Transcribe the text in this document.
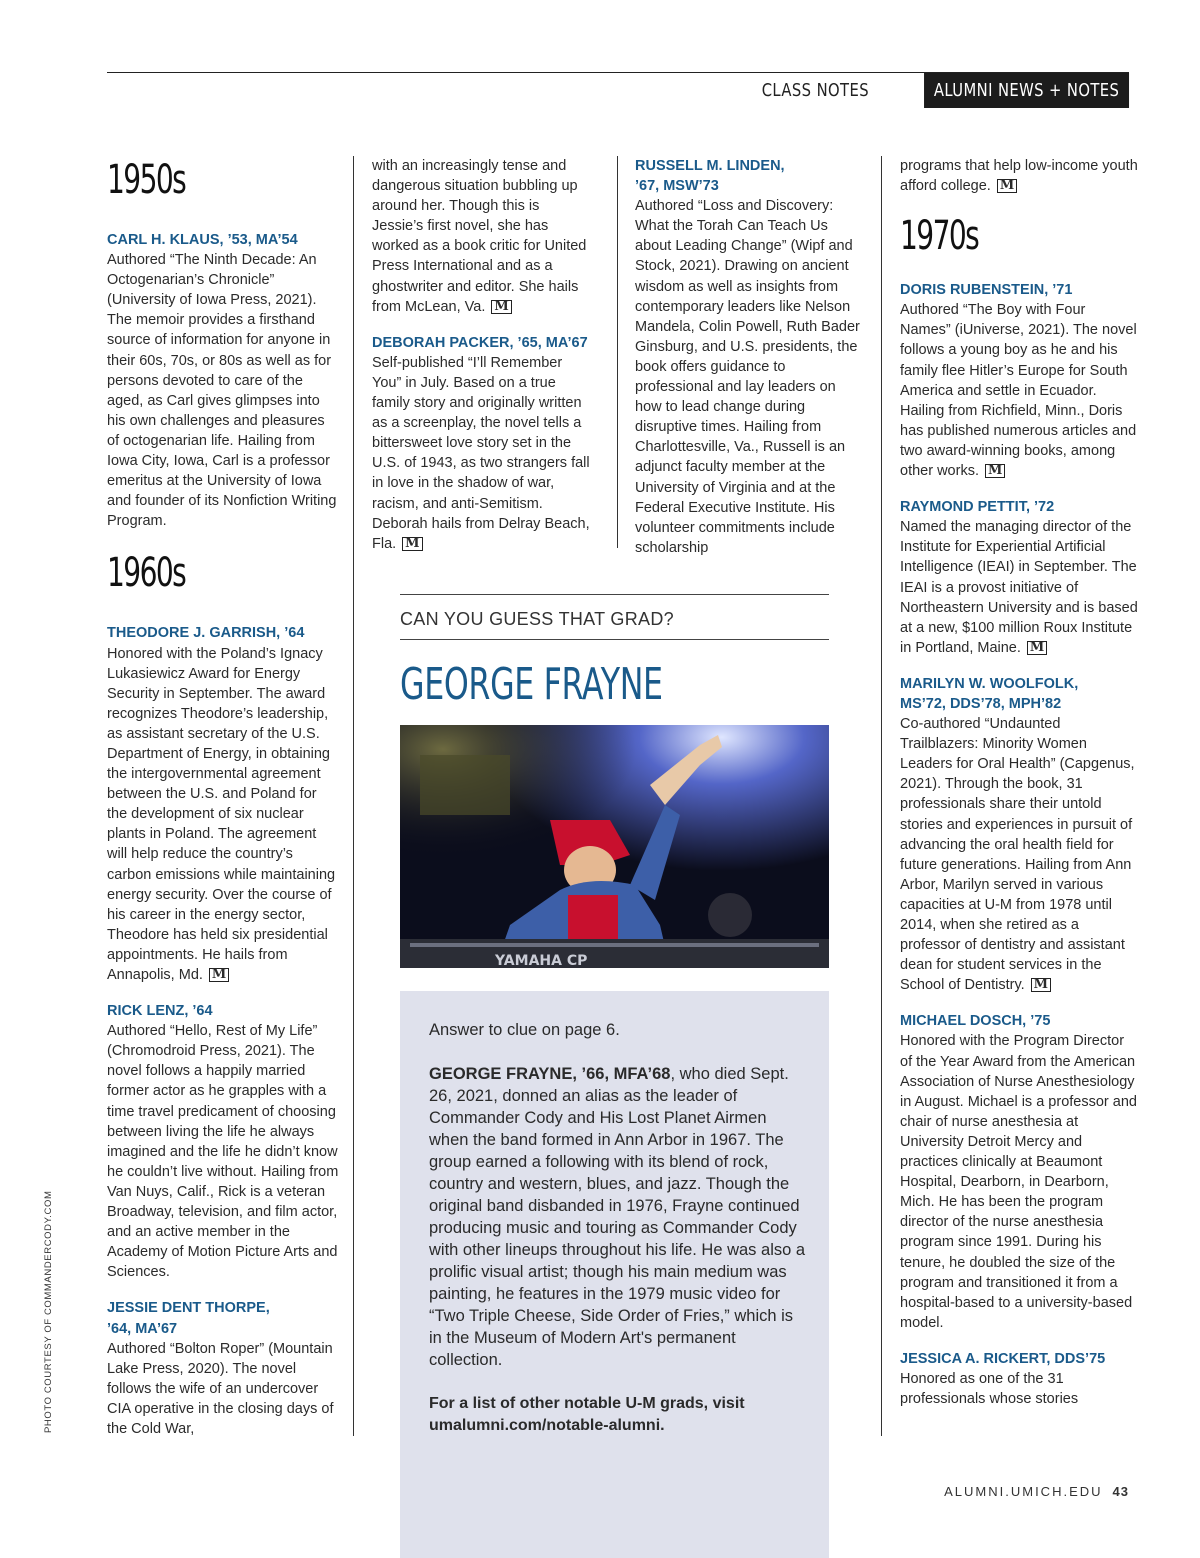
CLASS NOTES	ALUMNI NEWS + NOTES
1950s

CARL H. KLAUS, ’53, MA’54

Authored “The Ninth Decade: An Octogenarian’s Chronicle” (University of Iowa Press, 2021). The memoir provides a firsthand source of information for anyone in their 60s, 70s, or 80s as well as for persons devoted to care of the aged, as Carl gives glimpses into his own challenges and pleasures of octogenarian life. Hailing from Iowa City, Iowa, Carl is a professor emeritus at the University of Iowa and founder of its Nonfiction Writing Program.

1960s

THEODORE J. GARRISH, ’64

Honored with the Poland’s Ignacy Lukasiewicz Award for Energy Security in September. The award recognizes Theodore’s leadership, as assistant secretary of the U.S. Department of Energy, in obtaining the intergovernmental agreement between the U.S. and Poland for the development of six nuclear plants in Poland. The agreement will help reduce the country’s carbon emissions while maintaining energy security. Over the course of his career in the energy sector, Theodore has held six presidential appointments. He hails from Annapolis, Md. M

RICK LENZ, ’64

Authored “Hello, Rest of My Life” (Chromodroid Press, 2021). The novel follows a happily married former actor as he grapples with a time travel predicament of choosing between living the life he always imagined and the life he didn’t know he couldn’t live without. Hailing from Van Nuys, Calif., Rick is a veteran Broadway, television, and film actor, and an active member in the Academy of Motion Picture Arts and Sciences.

JESSIE DENT THORPE,

’64, MA’67

Authored “Bolton Roper” (Mountain Lake Press, 2020). The novel follows the wife of an undercover CIA operative in the closing days of the Cold War,

with an increasingly tense and dangerous situation bubbling up around her. Though this is Jessie’s first novel, she has worked as a book critic for United Press International and as a ghostwriter and editor. She hails from McLean, Va. M

DEBORAH PACKER, ’65, MA’67

Self-published “I’ll Remember You” in July. Based on a true family story and originally written as a screenplay, the novel tells a bittersweet love story set in the U.S. of 1943, as two strangers fall in love in the shadow of war, racism, and anti-Semitism. Deborah hails from Delray Beach, Fla. M

RUSSELL M. LINDEN,

’67, MSW’73

Authored “Loss and Discovery: What the Torah Can Teach Us about Leading Change” (Wipf and Stock, 2021). Drawing on ancient wisdom as well as insights from contemporary leaders like Nelson Mandela, Colin Powell, Ruth Bader Ginsburg, and U.S. presidents, the book offers guidance to professional and lay leaders on how to lead change during disruptive times. Hailing from Charlottesville, Va., Russell is an adjunct faculty member at the University of Virginia and at the Federal Executive Institute. His volunteer commitments include scholarship

programs that help low-income youth afford college. M

1970s

DORIS RUBENSTEIN, ’71

Authored “The Boy with Four Names” (iUniverse, 2021). The novel follows a young boy as he and his family flee Hitler’s Europe for South America and settle in Ecuador. Hailing from Richfield, Minn., Doris has published numerous articles and two award-winning books, among other works. M

RAYMOND PETTIT, ’72

Named the managing director of the Institute for Experiential Artificial Intelligence (IEAI) in September. The IEAI is a provost initiative of Northeastern University and is based at a new, $100 million Roux Institute in Portland, Maine. M

MARILYN W. WOOLFOLK,

MS’72, DDS’78, MPH’82

Co-authored “Undaunted Trailblazers: Minority Women Leaders for Oral Health” (Capgenus, 2021). Through the book, 31 professionals share their untold stories and experiences in pursuit of advancing the oral health field for future generations. Hailing from Ann Arbor, Marilyn served in various capacities at U-M from 1978 until 2014, when she retired as a professor of dentistry and assistant dean for student services in the School of Dentistry. M

MICHAEL DOSCH, ’75

Honored with the Program Director of the Year Award from the American Association of Nurse Anesthesiology in August. Michael is a professor and chair of nurse anesthesia at University Detroit Mercy and practices clinically at Beaumont Hospital, Dearborn, in Dearborn, Mich. He has been the program director of the nurse anesthesia program since 1991. During his tenure, he doubled the size of the program and transitioned it from a hospital-based to a university-based model.

JESSICA A. RICKERT, DDS’75

Honored as one of the 31 professionals whose stories

CAN YOU GUESS THAT GRAD?
GEORGE FRAYNE
YAMAHA CP

Answer to clue on page 6.

GEORGE FRAYNE, ’66, MFA’68, who died Sept. 26, 2021, donned an alias as the leader of Commander Cody and His Lost Planet Airmen when the band formed in Ann Arbor in 1967. The group earned a following with its blend of rock, country and western, blues, and jazz. Though the original band disbanded in 1976, Frayne continued producing music and touring as Commander Cody with other lineups throughout his life. He was also a prolific visual artist; though his main medium was painting, he features in the 1979 music video for “Two Triple Cheese, Side Order of Fries,” which is in the Museum of Modern Art's permanent collection.

For a list of other notable U-M grads, visit umalumni.com/notable-alumni.

PHOTO COURTESY OF COMMANDERCODY.COM
ALUMNI.UMICH.EDU 43
